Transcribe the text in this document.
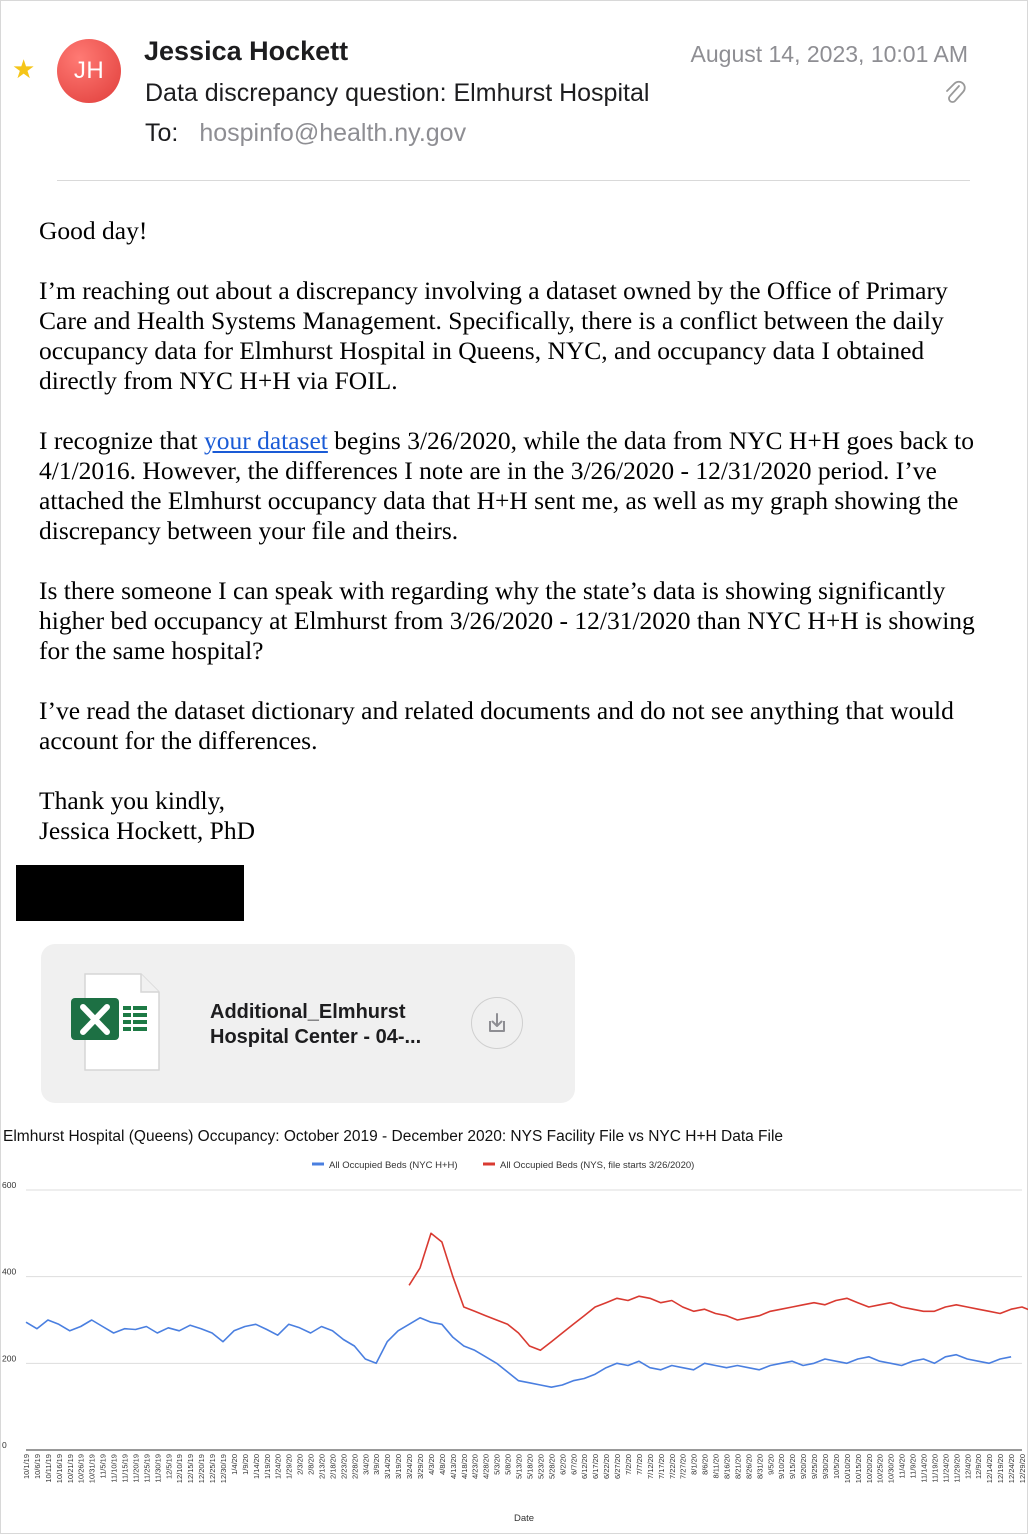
★ JH
Jessica Hockett	August 14, 2023, 10:01 AM
Data discrepancy question: Elmhurst Hospital
To: hospinfo@health.ny.gov

Good day!

I’m reaching out about a discrepancy involving a dataset owned by the Office of Primary Care and Health Systems Management. Specifically, there is a conflict between the daily occupancy data for Elmhurst Hospital in Queens, NYC, and occupancy data I obtained directly from NYC H+H via FOIL.

I recognize that your dataset begins 3/26/2020, while the data from NYC H+H goes back to 4/1/2016. However, the differences I note are in the 3/26/2020 - 12/31/2020 period. I’ve attached the Elmhurst occupancy data that H+H sent me, as well as my graph showing the discrepancy between your file and theirs.

Is there someone I can speak with regarding why the state’s data is showing significantly higher bed occupancy at Elmhurst from 3/26/2020 - 12/31/2020 than NYC H+H is showing for the same hospital?

I’ve read the dataset dictionary and related documents and do not see anything that would account for the differences.

Thank you kindly,
Jessica Hockett, PhD

Additional_Elmhurst
Hospital Center - 04-...
Elmhurst Hospital (Queens) Occupancy: October 2019 - December 2020: NYS Facility File vs NYC H+H Data File
All Occupied Beds (NYC H+H)	All Occupied Beds (NYS, file starts 3/26/2020)
0
200
400
600
10/1/19 10/6/19 10/11/19 10/16/19 10/21/19 10/26/19 10/31/19 11/5/19 11/10/19 11/15/19 11/20/19 11/25/19 11/30/19 12/5/19 12/10/19 12/15/19 12/20/19 12/25/19 12/30/19 1/4/20 1/9/20 1/14/20 1/19/20 1/24/20 1/29/20 2/3/20 2/8/20 2/13/20 2/18/20 2/23/20 2/28/20 3/4/20 3/9/20 3/14/20 3/19/20 3/24/20 3/29/20 4/3/20 4/8/20 4/13/20 4/18/20 4/23/20 4/28/20 5/3/20 5/8/20 5/13/20 5/18/20 5/23/20 5/28/20 6/2/20 6/7/20 6/12/20 6/17/20 6/22/20 6/27/20 7/2/20 7/7/20 7/12/20 7/17/20 7/22/20 7/27/20 8/1/20 8/6/20 8/11/20 8/16/20 8/21/20 8/26/20 8/31/20 9/5/20 9/10/20 9/15/20 9/20/20 9/25/20 9/30/20 10/5/20 10/10/20 10/15/20 10/20/20 10/25/20 10/30/20 11/4/20 11/9/20 11/14/20 11/19/20 11/24/20 11/29/20 12/4/20 12/9/20 12/14/20 12/19/20 12/24/20 12/29/20
Date
